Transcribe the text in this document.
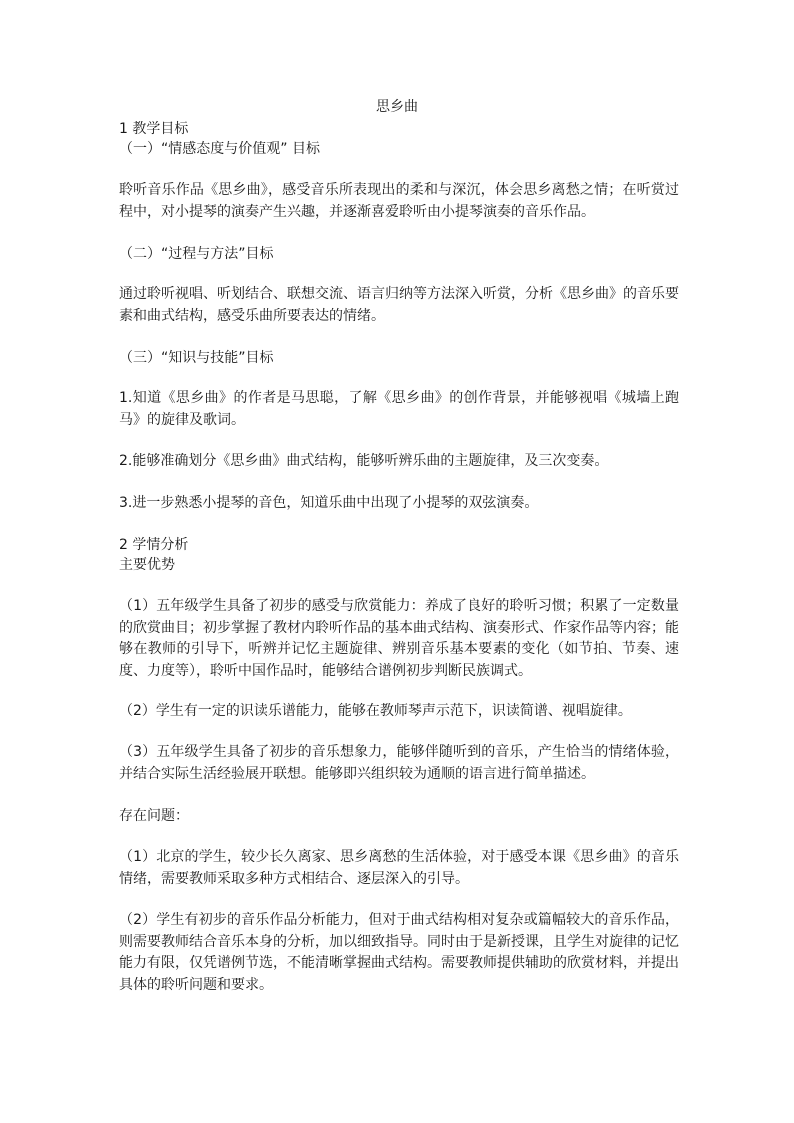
思乡曲
1 教学目标
（一）“情感态度与价值观” 目标
聆听音乐作品《思乡曲》，感受音乐所表现出的柔和与深沉，体会思乡离愁之情；在听赏过程中，对小提琴的演奏产生兴趣，并逐渐喜爱聆听由小提琴演奏的音乐作品。
（二）“过程与方法”目标
通过聆听视唱、听划结合、联想交流、语言归纳等方法深入听赏，分析《思乡曲》的音乐要素和曲式结构，感受乐曲所要表达的情绪。
（三）“知识与技能”目标
1.知道《思乡曲》的作者是马思聪，了解《思乡曲》的创作背景，并能够视唱《城墙上跑马》的旋律及歌词。
2.能够准确划分《思乡曲》曲式结构，能够听辨乐曲的主题旋律，及三次变奏。
3.进一步熟悉小提琴的音色，知道乐曲中出现了小提琴的双弦演奏。
2 学情分析
主要优势
（1）五年级学生具备了初步的感受与欣赏能力：养成了良好的聆听习惯；积累了一定数量的欣赏曲目；初步掌握了教材内聆听作品的基本曲式结构、演奏形式、作家作品等内容；能够在教师的引导下，听辨并记忆主题旋律、辨别音乐基本要素的变化（如节拍、节奏、速度、力度等），聆听中国作品时，能够结合谱例初步判断民族调式。
（2）学生有一定的识读乐谱能力，能够在教师琴声示范下，识读简谱、视唱旋律。
（3）五年级学生具备了初步的音乐想象力，能够伴随听到的音乐，产生恰当的情绪体验，并结合实际生活经验展开联想。能够即兴组织较为通顺的语言进行简单描述。
存在问题：
（1）北京的学生，较少长久离家、思乡离愁的生活体验，对于感受本课《思乡曲》的音乐情绪，需要教师采取多种方式相结合、逐层深入的引导。
（2）学生有初步的音乐作品分析能力，但对于曲式结构相对复杂或篇幅较大的音乐作品，则需要教师结合音乐本身的分析，加以细致指导。同时由于是新授课，且学生对旋律的记忆能力有限，仅凭谱例节选，不能清晰掌握曲式结构。需要教师提供辅助的欣赏材料，并提出具体的聆听问题和要求。
